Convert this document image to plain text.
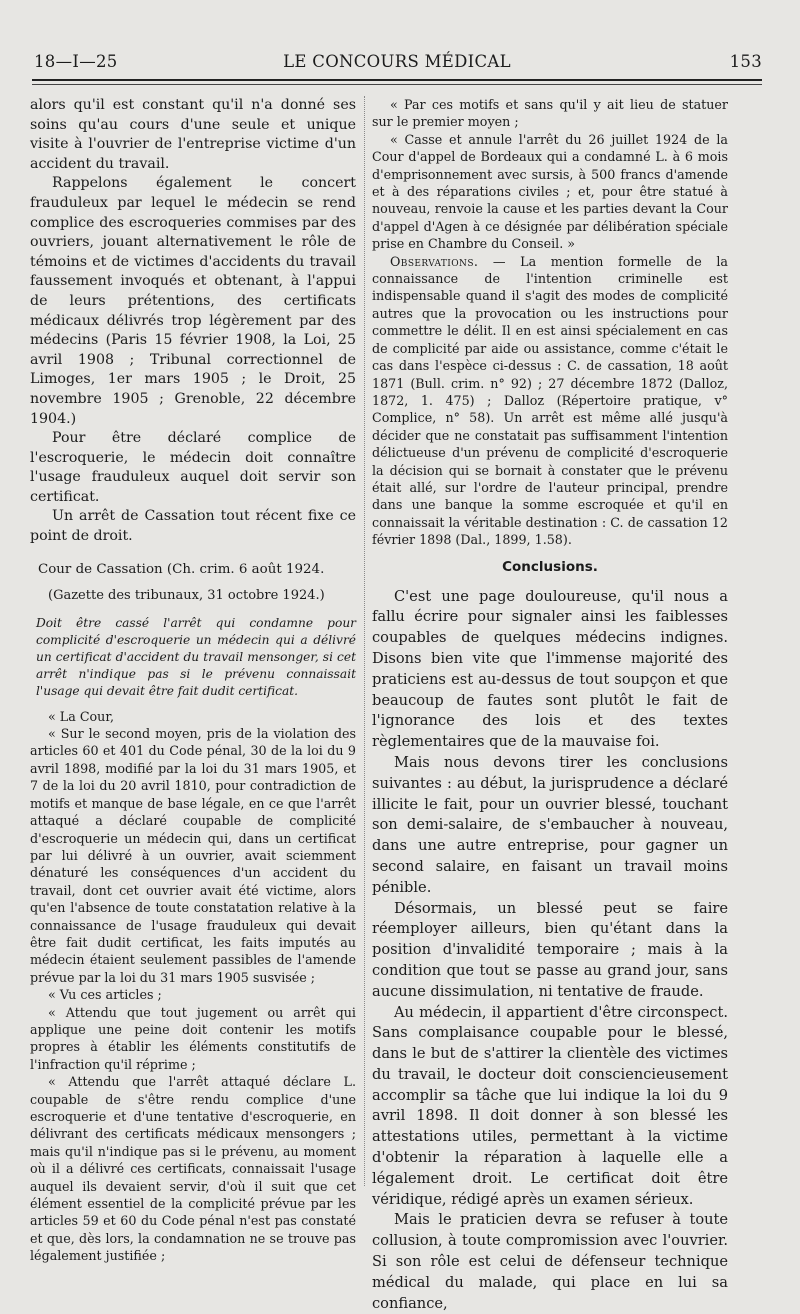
18—I—25	LE CONCOURS MÉDICAL	153

alors qu'il est constant qu'il n'a donné ses soins qu'au cours d'une seule et unique visite à l'ouvrier de l'entreprise victime d'un accident du travail.

Rappelons également le concert frauduleux par lequel le médecin se rend complice des escroqueries commises par des ouvriers, jouant alternativement le rôle de témoins et de victimes d'accidents du travail faussement invoqués et obtenant, à l'appui de leurs prétentions, des certificats médicaux délivrés trop légèrement par des médecins (Paris 15 février 1908, la Loi, 25 avril 1908 ; Tribunal correctionnel de Limoges, 1er mars 1905 ; le Droit, 25 novembre 1905 ; Grenoble, 22 décembre 1904.)

Pour être déclaré complice de l'escroquerie, le médecin doit connaître l'usage frauduleux auquel doit servir son certificat.

Un arrêt de Cassation tout récent fixe ce point de droit.

Cour de Cassation (Ch. crim. 6 août 1924.

(Gazette des tribunaux, 31 octobre 1924.)

Doit être cassé l'arrêt qui condamne pour complicité d'escroquerie un médecin qui a délivré un certificat d'accident du travail mensonger, si cet arrêt n'indique pas si le prévenu connaissait l'usage qui devait être fait dudit certificat.

« La Cour,

« Sur le second moyen, pris de la violation des articles 60 et 401 du Code pénal, 30 de la loi du 9 avril 1898, modifié par la loi du 31 mars 1905, et 7 de la loi du 20 avril 1810, pour contradiction de motifs et manque de base légale, en ce que l'arrêt attaqué a déclaré coupable de complicité d'escroquerie un médecin qui, dans un certificat par lui délivré à un ouvrier, avait sciemment dénaturé les conséquences d'un accident du travail, dont cet ouvrier avait été victime, alors qu'en l'absence de toute constatation relative à la connaissance de l'usage frauduleux qui devait être fait dudit certificat, les faits imputés au médecin étaient seulement passibles de l'amende prévue par la loi du 31 mars 1905 susvisée ;

« Vu ces articles ;

« Attendu que tout jugement ou arrêt qui applique une peine doit contenir les motifs propres à établir les éléments constitutifs de l'infraction qu'il réprime ;

« Attendu que l'arrêt attaqué déclare L. coupable de s'être rendu complice d'une escroquerie et d'une tentative d'escroquerie, en délivrant des certificats médicaux mensongers ; mais qu'il n'indique pas si le prévenu, au moment où il a délivré ces certificats, connaissait l'usage auquel ils devaient servir, d'où il suit que cet élément essentiel de la complicité prévue par les articles 59 et 60 du Code pénal n'est pas constaté et que, dès lors, la condamnation ne se trouve pas légalement justifiée ;

« Par ces motifs et sans qu'il y ait lieu de statuer sur le premier moyen ;

« Casse et annule l'arrêt du 26 juillet 1924 de la Cour d'appel de Bordeaux qui a condamné L. à 6 mois d'emprisonnement avec sursis, à 500 francs d'amende et à des réparations civiles ; et, pour être statué à nouveau, renvoie la cause et les parties devant la Cour d'appel d'Agen à ce désignée par délibération spéciale prise en Chambre du Conseil. »

Observations. — La mention formelle de la connaissance de l'intention criminelle est indispensable quand il s'agit des modes de complicité autres que la provocation ou les instructions pour commettre le délit. Il en est ainsi spécialement en cas de complicité par aide ou assistance, comme c'était le cas dans l'espèce ci-dessus : C. de cassation, 18 août 1871 (Bull. crim. n° 92) ; 27 décembre 1872 (Dalloz, 1872, 1. 475) ; Dalloz (Répertoire pratique, v° Complice, n° 58). Un arrêt est même allé jusqu'à décider que ne constatait pas suffisamment l'intention délictueuse d'un prévenu de complicité d'escroquerie la décision qui se bornait à constater que le prévenu était allé, sur l'ordre de l'auteur principal, prendre dans une banque la somme escroquée et qu'il en connaissait la véritable destination : C. de cassation 12 février 1898 (Dal., 1899, 1.58).

Conclusions.

C'est une page douloureuse, qu'il nous a fallu écrire pour signaler ainsi les faiblesses coupables de quelques médecins indignes. Disons bien vite que l'immense majorité des praticiens est au-dessus de tout soupçon et que beaucoup de fautes sont plutôt le fait de l'ignorance des lois et des textes règlementaires que de la mauvaise foi.

Mais nous devons tirer les conclusions suivantes : au début, la jurisprudence a déclaré illicite le fait, pour un ouvrier blessé, touchant son demi-salaire, de s'embaucher à nouveau, dans une autre entreprise, pour gagner un second salaire, en faisant un travail moins pénible.

Désormais, un blessé peut se faire réemployer ailleurs, bien qu'étant dans la position d'invalidité temporaire ; mais à la condition que tout se passe au grand jour, sans aucune dissimulation, ni tentative de fraude.

Au médecin, il appartient d'être circonspect. Sans complaisance coupable pour le blessé, dans le but de s'attirer la clientèle des victimes du travail, le docteur doit consciencieusement accomplir sa tâche que lui indique la loi du 9 avril 1898. Il doit donner à son blessé les attestations utiles, permettant à la victime d'obtenir la réparation à laquelle elle a légalement droit. Le certificat doit être véridique, rédigé après un examen sérieux.

Mais le praticien devra se refuser à toute collusion, à toute compromission avec l'ouvrier. Si son rôle est celui de défenseur technique médical du malade, qui place en lui sa confiance,
